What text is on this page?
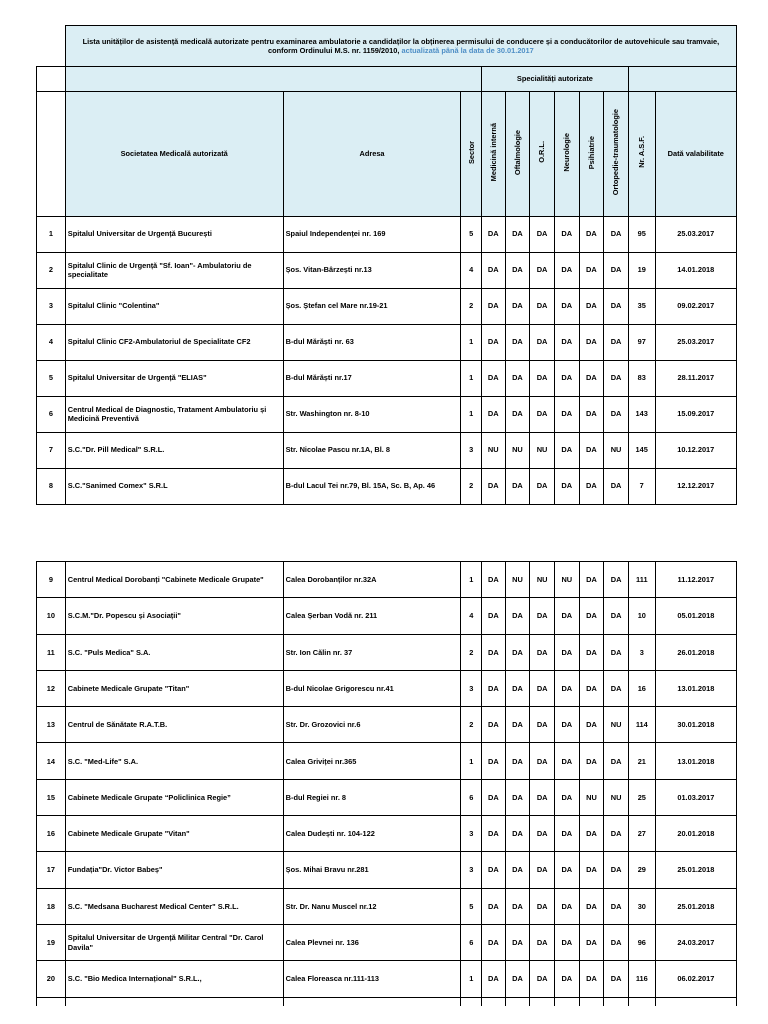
	Lista unităților de asistență medicală autorizate pentru examinarea ambulatorie a candidaților la obținerea permisului de conducere și a conducătorilor de autovehicule sau tramvaie, conform Ordinului M.S. nr. 1159/2010, actualizată până la data de 30.01.2017										
				Specialități autorizate							
	Societatea Medicală autorizată	Adresa	Sector	Medicină internă	Oftalmologie	O.R.L.	Neurologie	Psihiatrie	Ortopedie-traumatologie	Nr. A.S.F.	Dată valabilitate
1	Spitalul Universitar de Urgență București	Spaiul Independenței nr. 169	5	DA	DA	DA	DA	DA	DA	95	25.03.2017
2	Spitalul Clinic de Urgență "Sf. Ioan"- Ambulatoriu de specialitate	Șos. Vitan-Bârzești nr.13	4	DA	DA	DA	DA	DA	DA	19	14.01.2018
3	Spitalul Clinic "Colentina"	Șos. Ștefan cel Mare nr.19-21	2	DA	DA	DA	DA	DA	DA	35	09.02.2017
4	Spitalul Clinic CF2-Ambulatoriul de Specialitate CF2	B-dul Mărăști nr. 63	1	DA	DA	DA	DA	DA	DA	97	25.03.2017
5	Spitalul Universitar de Urgență "ELIAS"	B-dul Mărăști nr.17	1	DA	DA	DA	DA	DA	DA	83	28.11.2017
6	Centrul Medical de Diagnostic, Tratament Ambulatoriu și Medicină Preventivă	Str. Washington nr. 8-10	1	DA	DA	DA	DA	DA	DA	143	15.09.2017
7	S.C."Dr. Pill Medical" S.R.L.	Str. Nicolae Pascu nr.1A, Bl. 8	3	NU	NU	NU	DA	DA	NU	145	10.12.2017
8	S.C."Sanimed Comex" S.R.L	B-dul Lacul Tei nr.79, Bl. 15A, Sc. B, Ap. 46	2	DA	DA	DA	DA	DA	DA	7	12.12.2017
9	Centrul Medical Dorobanți "Cabinete Medicale Grupate"	Calea Dorobanților nr.32A	1	DA	NU	NU	NU	DA	DA	111	11.12.2017
10	S.C.M."Dr. Popescu și Asociații"	Calea Șerban Vodă nr. 211	4	DA	DA	DA	DA	DA	DA	10	05.01.2018
11	S.C. "Puls Medica" S.A.	Str. Ion Călin nr. 37	2	DA	DA	DA	DA	DA	DA	3	26.01.2018
12	Cabinete Medicale Grupate "Titan"	B-dul Nicolae Grigorescu nr.41	3	DA	DA	DA	DA	DA	DA	16	13.01.2018
13	Centrul de Sănătate R.A.T.B.	Str. Dr. Grozovici nr.6	2	DA	DA	DA	DA	DA	NU	114	30.01.2018
14	S.C. "Med-Life" S.A.	Calea Griviței nr.365	1	DA	DA	DA	DA	DA	DA	21	13.01.2018
15	Cabinete Medicale Grupate “Policlinica Regie”	B-dul Regiei nr. 8	6	DA	DA	DA	DA	NU	NU	25	01.03.2017
16	Cabinete Medicale Grupate "Vitan"	Calea Dudești nr. 104-122	3	DA	DA	DA	DA	DA	DA	27	20.01.2018
17	Fundația"Dr. Victor Babeș"	Șos. Mihai Bravu nr.281	3	DA	DA	DA	DA	DA	DA	29	25.01.2018
18	S.C. "Medsana Bucharest Medical Center" S.R.L.	Str. Dr. Nanu Muscel nr.12	5	DA	DA	DA	DA	DA	DA	30	25.01.2018
19	Spitalul Universitar de Urgență Militar Central "Dr. Carol Davila"	Calea Plevnei nr. 136	6	DA	DA	DA	DA	DA	DA	96	24.03.2017
20	S.C. "Bio Medica Internațional" S.R.L.,	Calea Floreasca nr.111-113	1	DA	DA	DA	DA	DA	DA	116	06.02.2017
